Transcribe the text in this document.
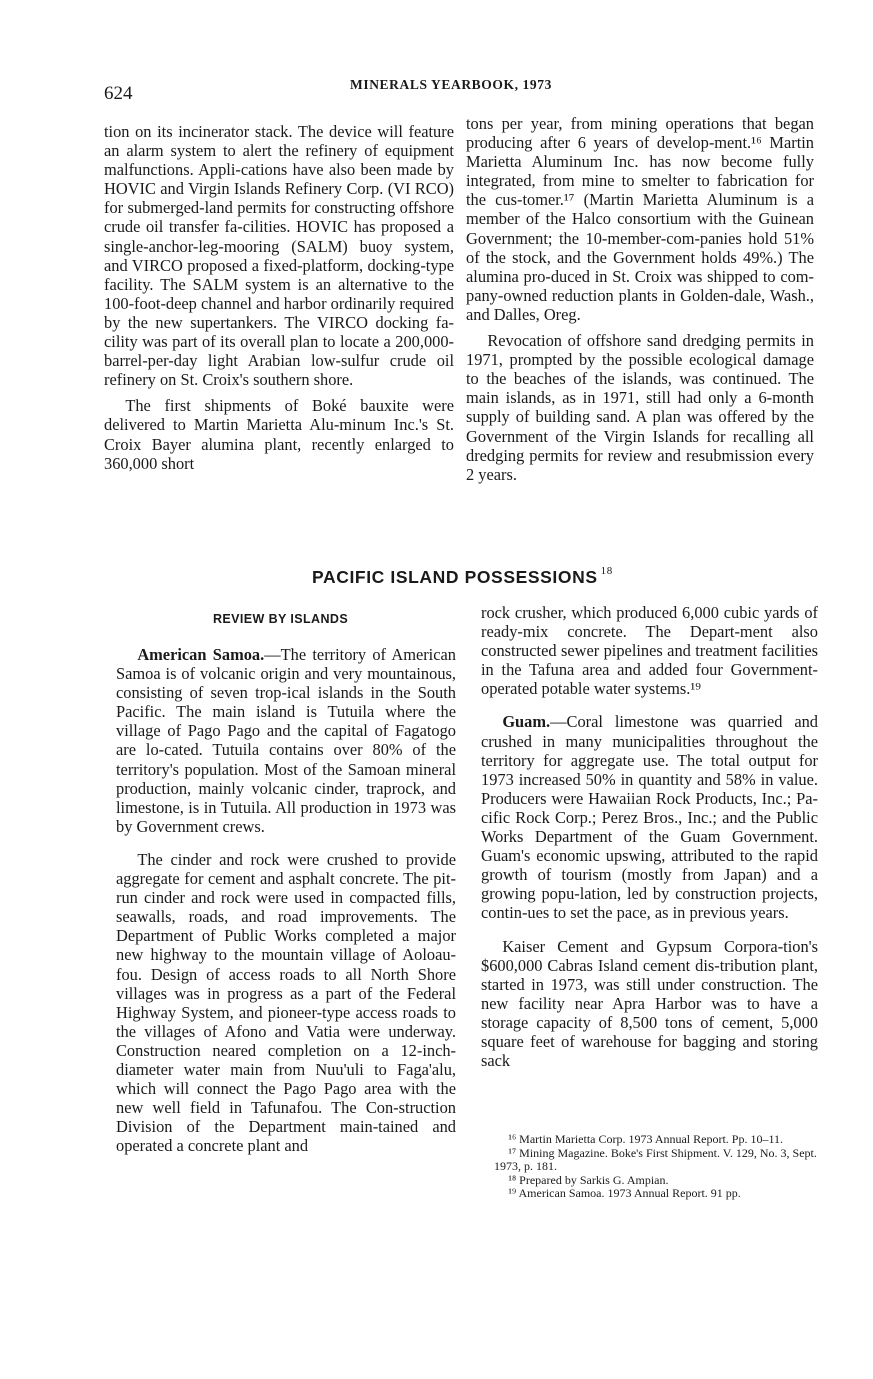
624	MINERALS YEARBOOK, 1973

tion on its incinerator stack. The device will feature an alarm system to alert the refinery of equipment malfunctions. Appli-cations have also been made by HOVIC and Virgin Islands Refinery Corp. (VI RCO) for submerged-land permits for constructing offshore crude oil transfer fa-cilities. HOVIC has proposed a single-anchor-leg-mooring (SALM) buoy system, and VIRCO proposed a fixed-platform, docking-type facility. The SALM system is an alternative to the 100-foot-deep channel and harbor ordinarily required by the new supertankers. The VIRCO docking fa-cility was part of its overall plan to locate a 200,000-barrel-per-day light Arabian low-sulfur crude oil refinery on St. Croix's southern shore.

The first shipments of Boké bauxite were delivered to Martin Marietta Alu-minum Inc.'s St. Croix Bayer alumina plant, recently enlarged to 360,000 short

tons per year, from mining operations that began producing after 6 years of develop-ment.¹⁶ Martin Marietta Aluminum Inc. has now become fully integrated, from mine to smelter to fabrication for the cus-tomer.¹⁷ (Martin Marietta Aluminum is a member of the Halco consortium with the Guinean Government; the 10-member-com-panies hold 51% of the stock, and the Government holds 49%.) The alumina pro-duced in St. Croix was shipped to com-pany-owned reduction plants in Golden-dale, Wash., and Dalles, Oreg.

Revocation of offshore sand dredging permits in 1971, prompted by the possible ecological damage to the beaches of the islands, was continued. The main islands, as in 1971, still had only a 6-month supply of building sand. A plan was offered by the Government of the Virgin Islands for recalling all dredging permits for review and resubmission every 2 years.

PACIFIC ISLAND POSSESSIONS $^{18}$
REVIEW BY ISLANDS

American Samoa.—The territory of American Samoa is of volcanic origin and very mountainous, consisting of seven trop-ical islands in the South Pacific. The main island is Tutuila where the village of Pago Pago and the capital of Fagatogo are lo-cated. Tutuila contains over 80% of the territory's population. Most of the Samoan mineral production, mainly volcanic cinder, traprock, and limestone, is in Tutuila. All production in 1973 was by Government crews.

The cinder and rock were crushed to provide aggregate for cement and asphalt concrete. The pit-run cinder and rock were used in compacted fills, seawalls, roads, and road improvements. The Department of Public Works completed a major new highway to the mountain village of Aoloau-fou. Design of access roads to all North Shore villages was in progress as a part of the Federal Highway System, and pioneer-type access roads to the villages of Afono and Vatia were underway. Construction neared completion on a 12-inch-diameter water main from Nuu'uli to Faga'alu, which will connect the Pago Pago area with the new well field in Tafunafou. The Con-struction Division of the Department main-tained and operated a concrete plant and

rock crusher, which produced 6,000 cubic yards of ready-mix concrete. The Depart-ment also constructed sewer pipelines and treatment facilities in the Tafuna area and added four Government-operated potable water systems.¹⁹

Guam.—Coral limestone was quarried and crushed in many municipalities throughout the territory for aggregate use. The total output for 1973 increased 50% in quantity and 58% in value. Producers were Hawaiian Rock Products, Inc.; Pa-cific Rock Corp.; Perez Bros., Inc.; and the Public Works Department of the Guam Government. Guam's economic upswing, attributed to the rapid growth of tourism (mostly from Japan) and a growing popu-lation, led by construction projects, contin-ues to set the pace, as in previous years.

Kaiser Cement and Gypsum Corpora-tion's $600,000 Cabras Island cement dis-tribution plant, started in 1973, was still under construction. The new facility near Apra Harbor was to have a storage capacity of 8,500 tons of cement, 5,000 square feet of warehouse for bagging and storing sack

¹⁶ Martin Marietta Corp. 1973 Annual Report. Pp. 10–11.

¹⁷ Mining Magazine. Boke's First Shipment. V. 129, No. 3, Sept. 1973, p. 181.

¹⁸ Prepared by Sarkis G. Ampian.

¹⁹ American Samoa. 1973 Annual Report. 91 pp.
